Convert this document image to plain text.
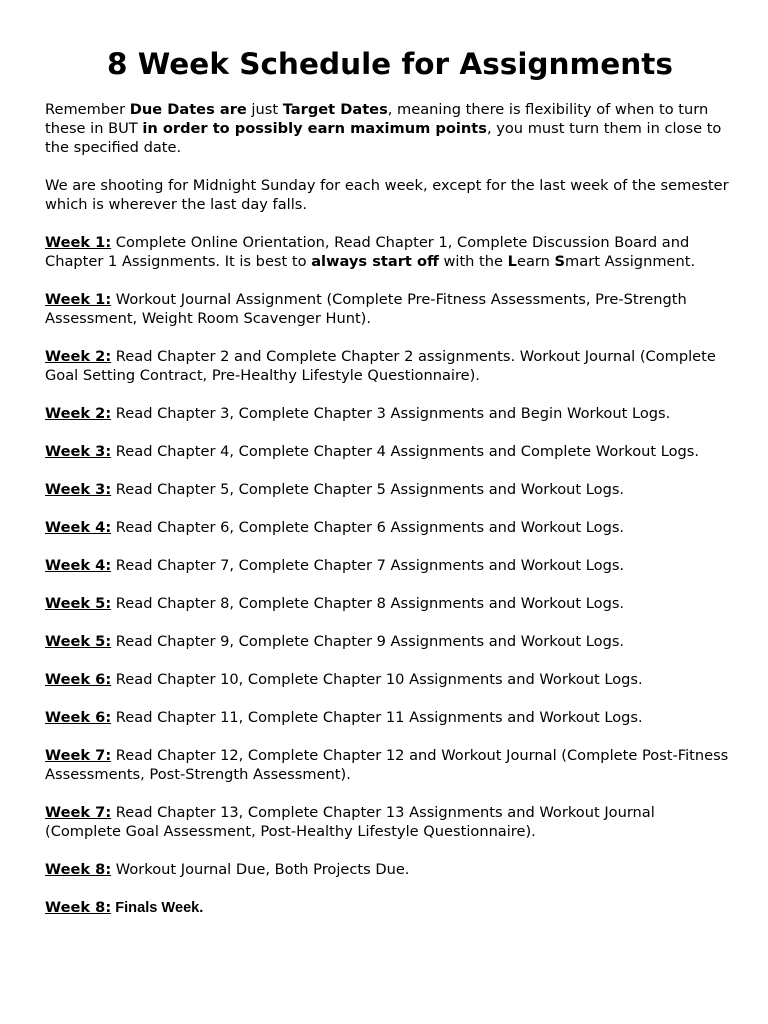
8 Week Schedule for Assignments

Remember Due Dates are just Target Dates, meaning there is flexibility of when to turn these in BUT in order to possibly earn maximum points, you must turn them in close to the specified date.

We are shooting for Midnight Sunday for each week, except for the last week of the semester which is wherever the last day falls.

Week 1: Complete Online Orientation, Read Chapter 1, Complete Discussion Board and Chapter 1 Assignments. It is best to always start off with the Learn Smart Assignment.

Week 1: Workout Journal Assignment (Complete Pre-Fitness Assessments, Pre-Strength Assessment, Weight Room Scavenger Hunt).

Week 2: Read Chapter 2 and Complete Chapter 2 assignments. Workout Journal (Complete Goal Setting Contract, Pre-Healthy Lifestyle Questionnaire).

Week 2: Read Chapter 3, Complete Chapter 3 Assignments and Begin Workout Logs.

Week 3: Read Chapter 4, Complete Chapter 4 Assignments and Complete Workout Logs.

Week 3: Read Chapter 5, Complete Chapter 5 Assignments and Workout Logs.

Week 4: Read Chapter 6, Complete Chapter 6 Assignments and Workout Logs.

Week 4: Read Chapter 7, Complete Chapter 7 Assignments and Workout Logs.

Week 5: Read Chapter 8, Complete Chapter 8 Assignments and Workout Logs.

Week 5: Read Chapter 9, Complete Chapter 9 Assignments and Workout Logs.

Week 6: Read Chapter 10, Complete Chapter 10 Assignments and Workout Logs.

Week 6: Read Chapter 11, Complete Chapter 11 Assignments and Workout Logs.

Week 7: Read Chapter 12, Complete Chapter 12 and Workout Journal (Complete Post-Fitness Assessments, Post-Strength Assessment).

Week 7: Read Chapter 13, Complete Chapter 13 Assignments and Workout Journal (Complete Goal Assessment, Post-Healthy Lifestyle Questionnaire).

Week 8: Workout Journal Due, Both Projects Due.

Week 8: Finals Week.
